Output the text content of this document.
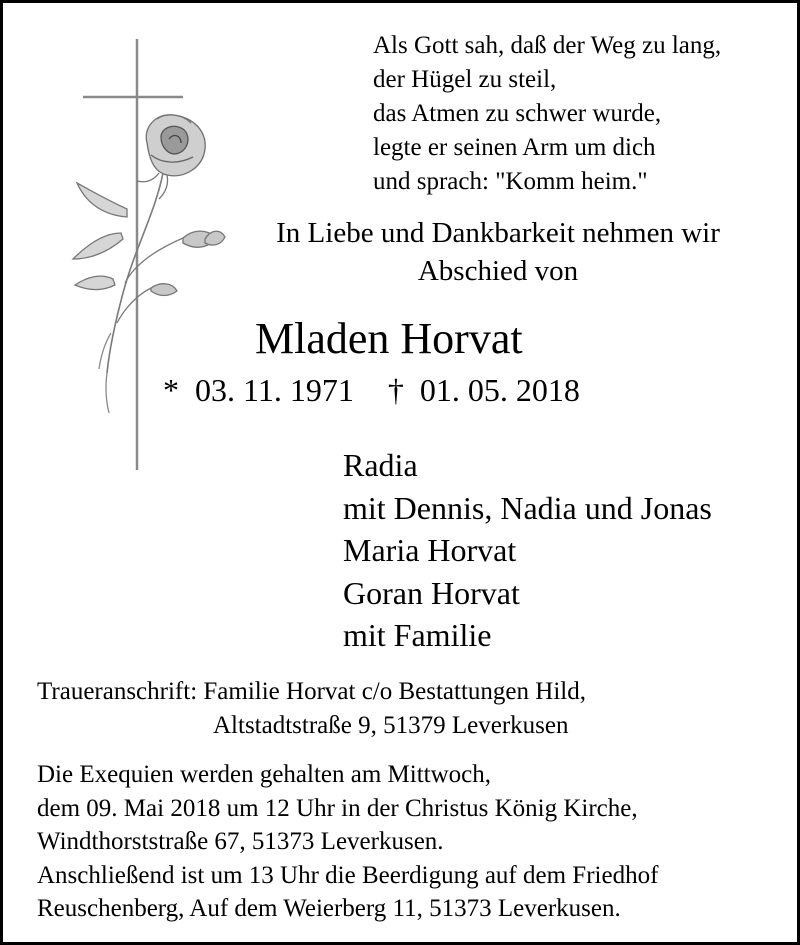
Als Gott sah, daß der Weg zu lang,
der Hügel zu steil,
das Atmen zu schwer wurde,
legte er seinen Arm um dich
und sprach: "Komm heim."
In Liebe und Dankbarkeit nehmen wir
Abschied von
Mladen Horvat
* 03. 11. 1971 † 01. 05. 2018
Radia
mit Dennis, Nadia und Jonas
Maria Horvat
Goran Horvat
mit Familie
Traueranschrift: Familie Horvat c/o Bestattungen Hild,
Altstadtstraße 9, 51379 Leverkusen
Die Exequien werden gehalten am Mittwoch,
dem 09. Mai 2018 um 12 Uhr in der Christus König Kirche,
Windthorststraße 67, 51373 Leverkusen.
Anschließend ist um 13 Uhr die Beerdigung auf dem Friedhof
Reuschenberg, Auf dem Weierberg 11, 51373 Leverkusen.
